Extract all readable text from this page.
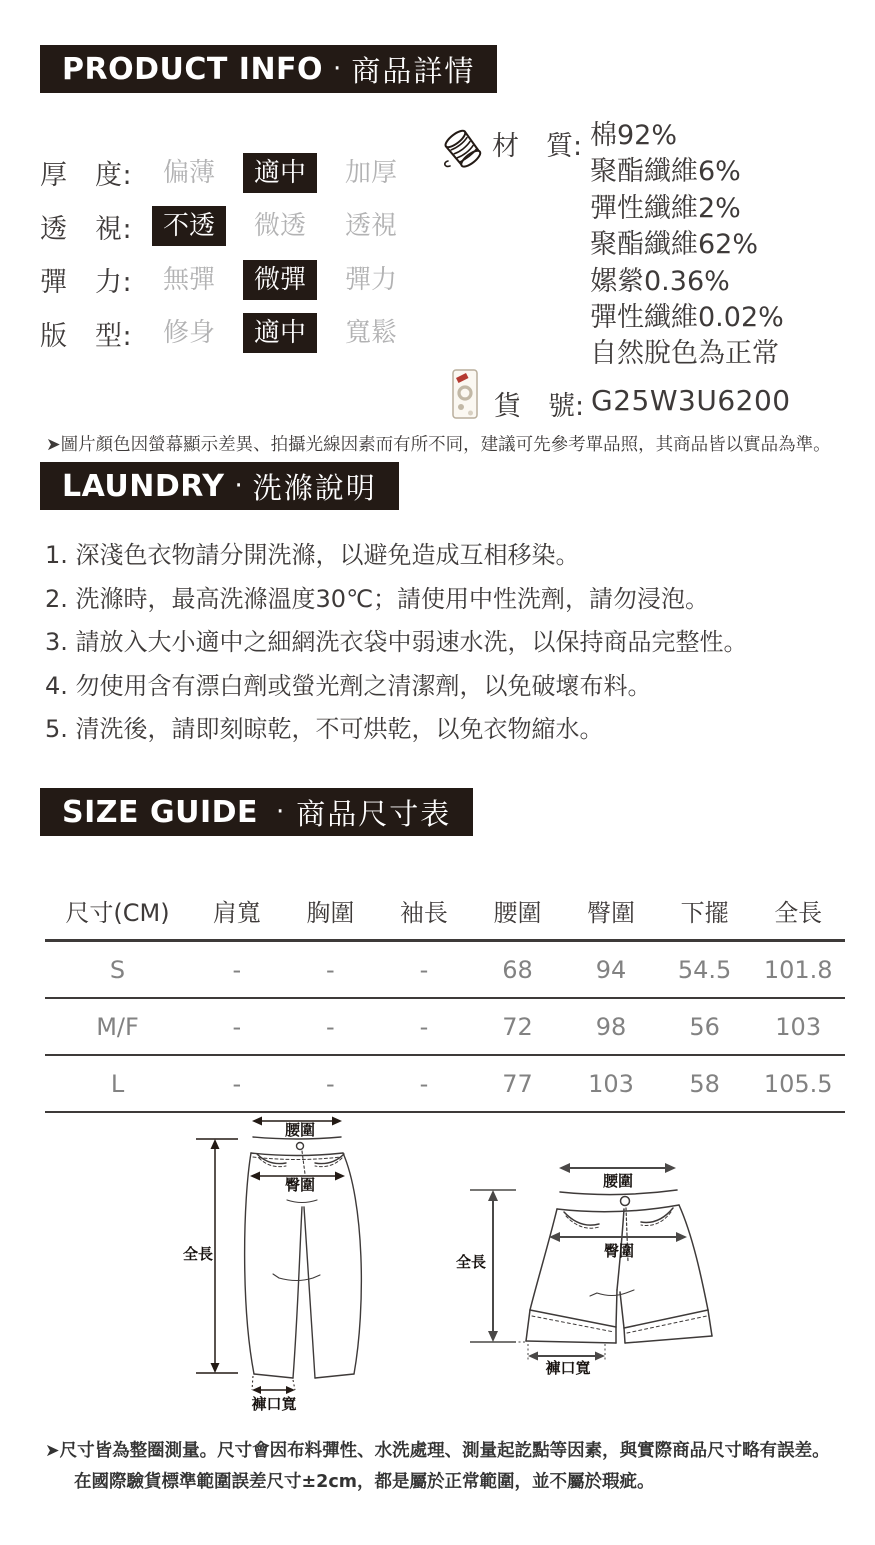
PRODUCT INFO · 商品詳情
厚　度:	偏薄	適中	加厚
透　視:	不透	微透	透視
彈　力:	無彈	微彈	彈力
版　型:	修身	適中	寬鬆
材　質: 棉92%
聚酯纖維6%
彈性纖維2%
聚酯纖維62%
嫘縈0.36%
彈性纖維0.02%
自然脫色為正常
貨　號: G25W3U6200
➤圖片顏色因螢幕顯示差異、拍攝光線因素而有所不同，建議可先參考單品照，其商品皆以實品為準。
LAUNDRY · 洗滌說明
1. 深淺色衣物請分開洗滌，以避免造成互相移染。
2. 洗滌時，最高洗滌溫度30℃；請使用中性洗劑，請勿浸泡。
3. 請放入大小適中之細網洗衣袋中弱速水洗，以保持商品完整性。
4. 勿使用含有漂白劑或螢光劑之清潔劑，以免破壞布料。
5. 清洗後，請即刻晾乾，不可烘乾，以免衣物縮水。
SIZE GUIDE · 商品尺寸表
尺寸(CM)	肩寬	胸圍	袖長	腰圍	臀圍	下擺	全長
S	-	-	-	68	94	54.5	101.8
M/F	-	-	-	72	98	56	103
L	-	-	-	77	103	58	105.5
腰圍
臀圍
全長
褲口寬
腰圍
臀圍
全長
褲口寬
➤尺寸皆為整圈測量。尺寸會因布料彈性、水洗處理、測量起訖點等因素，與實際商品尺寸略有誤差。
在國際驗貨標準範圍誤差尺寸±2cm，都是屬於正常範圍，並不屬於瑕疵。
